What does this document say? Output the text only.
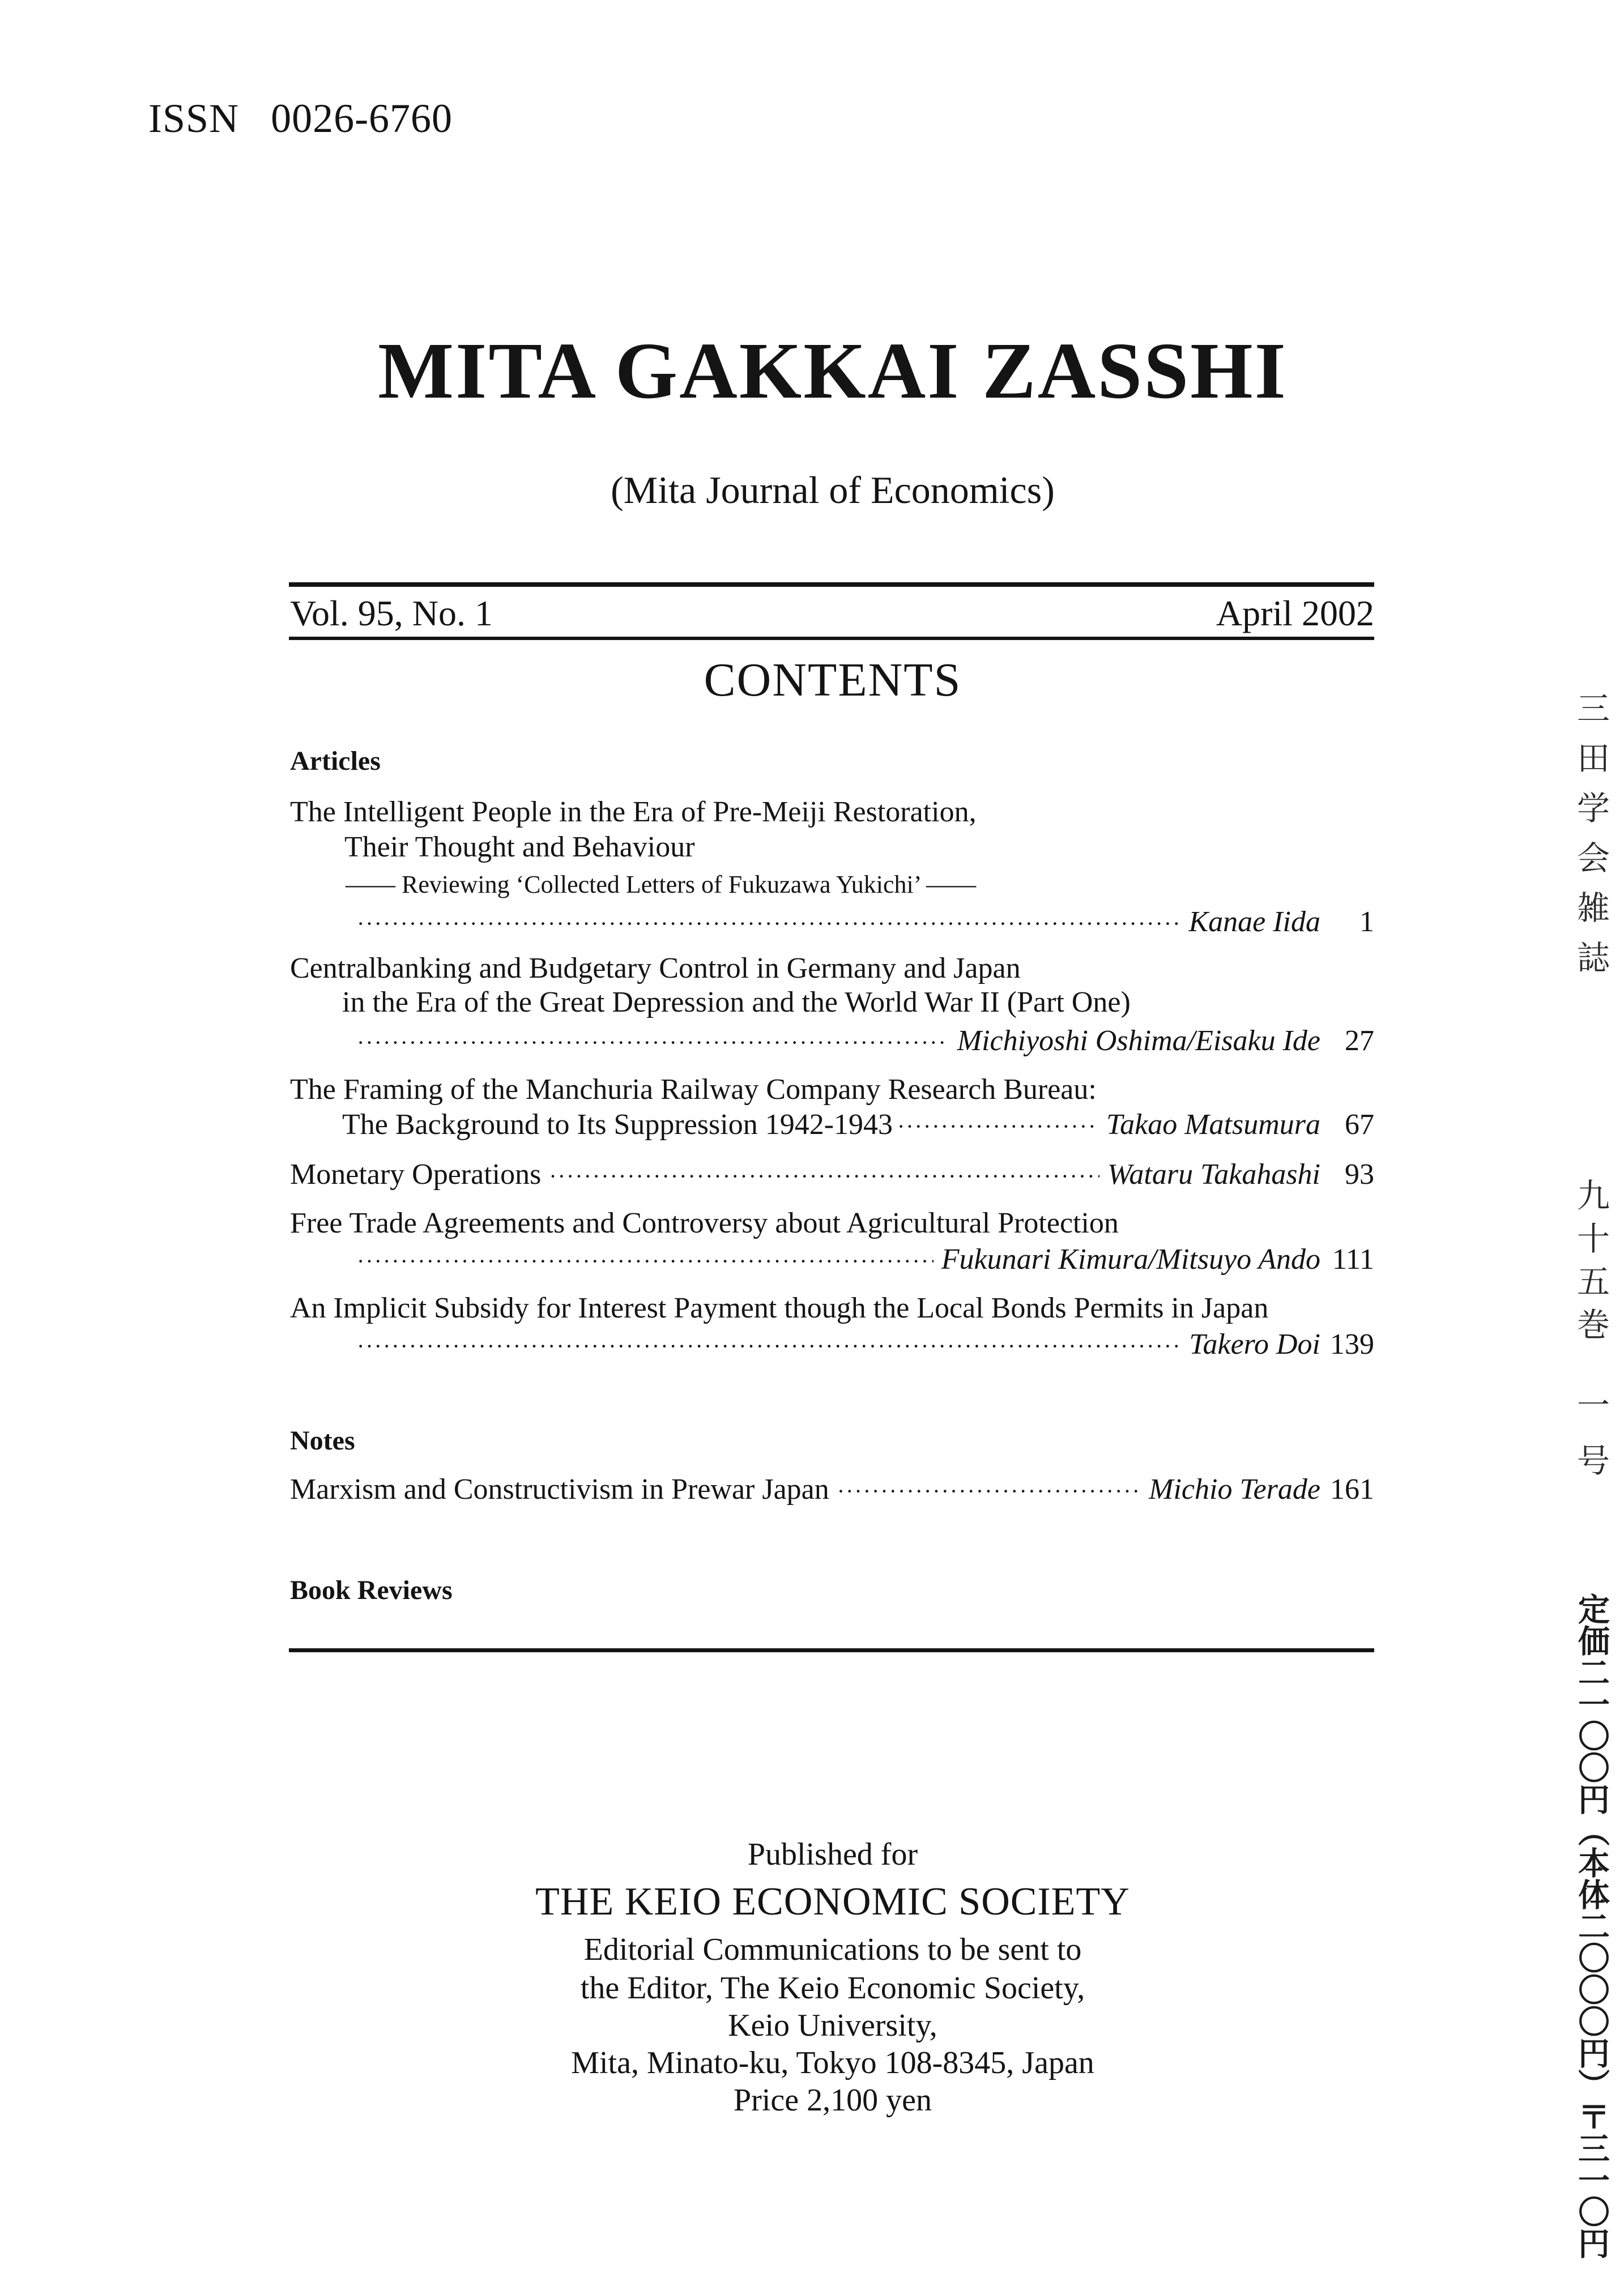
ISSN 0026-6760
MITA GAKKAI ZASSHI
(Mita Journal of Economics)
Vol. 95, No. 1	April 2002
CONTENTS
Articles
The Intelligent People in the Era of Pre-Meiji Restoration,
Their Thought and Behaviour
—— Reviewing ‘Collected Letters of Fukuzawa Yukichi’ ——
·····
Kanae Iida	1
Centralbanking and Budgetary Control in Germany and Japan
in the Era of the Great Depression and the World War II (Part One)
·····
Michiyoshi Oshima/Eisaku Ide 27
The Framing of the Manchuria Railway Company Research Bureau:
The Background to Its Suppression 1942-1943 ·····	Takao Matsumura 67
Monetary Operations ·····	Wataru Takahashi 93
Free Trade Agreements and Controversy about Agricultural Protection
·····
Fukunari Kimura/Mitsuyo Ando 111
An Implicit Subsidy for Interest Payment though the Local Bonds Permits in Japan
·····
Takero Doi 139
Notes
Marxism and Constructivism in Prewar Japan ·····	Michio Terade 161
Book Reviews
Published for
THE KEIO ECONOMIC SOCIETY
Editorial Communications to be sent to
the Editor, The Keio Economic Society,
Keio University,
Mita, Minato-ku, Tokyo 108-8345, Japan
Price 2,100 yen
三田学会雑誌
九十五巻
一号
定価二一〇〇円（本体二〇〇〇円）〒三一〇円
